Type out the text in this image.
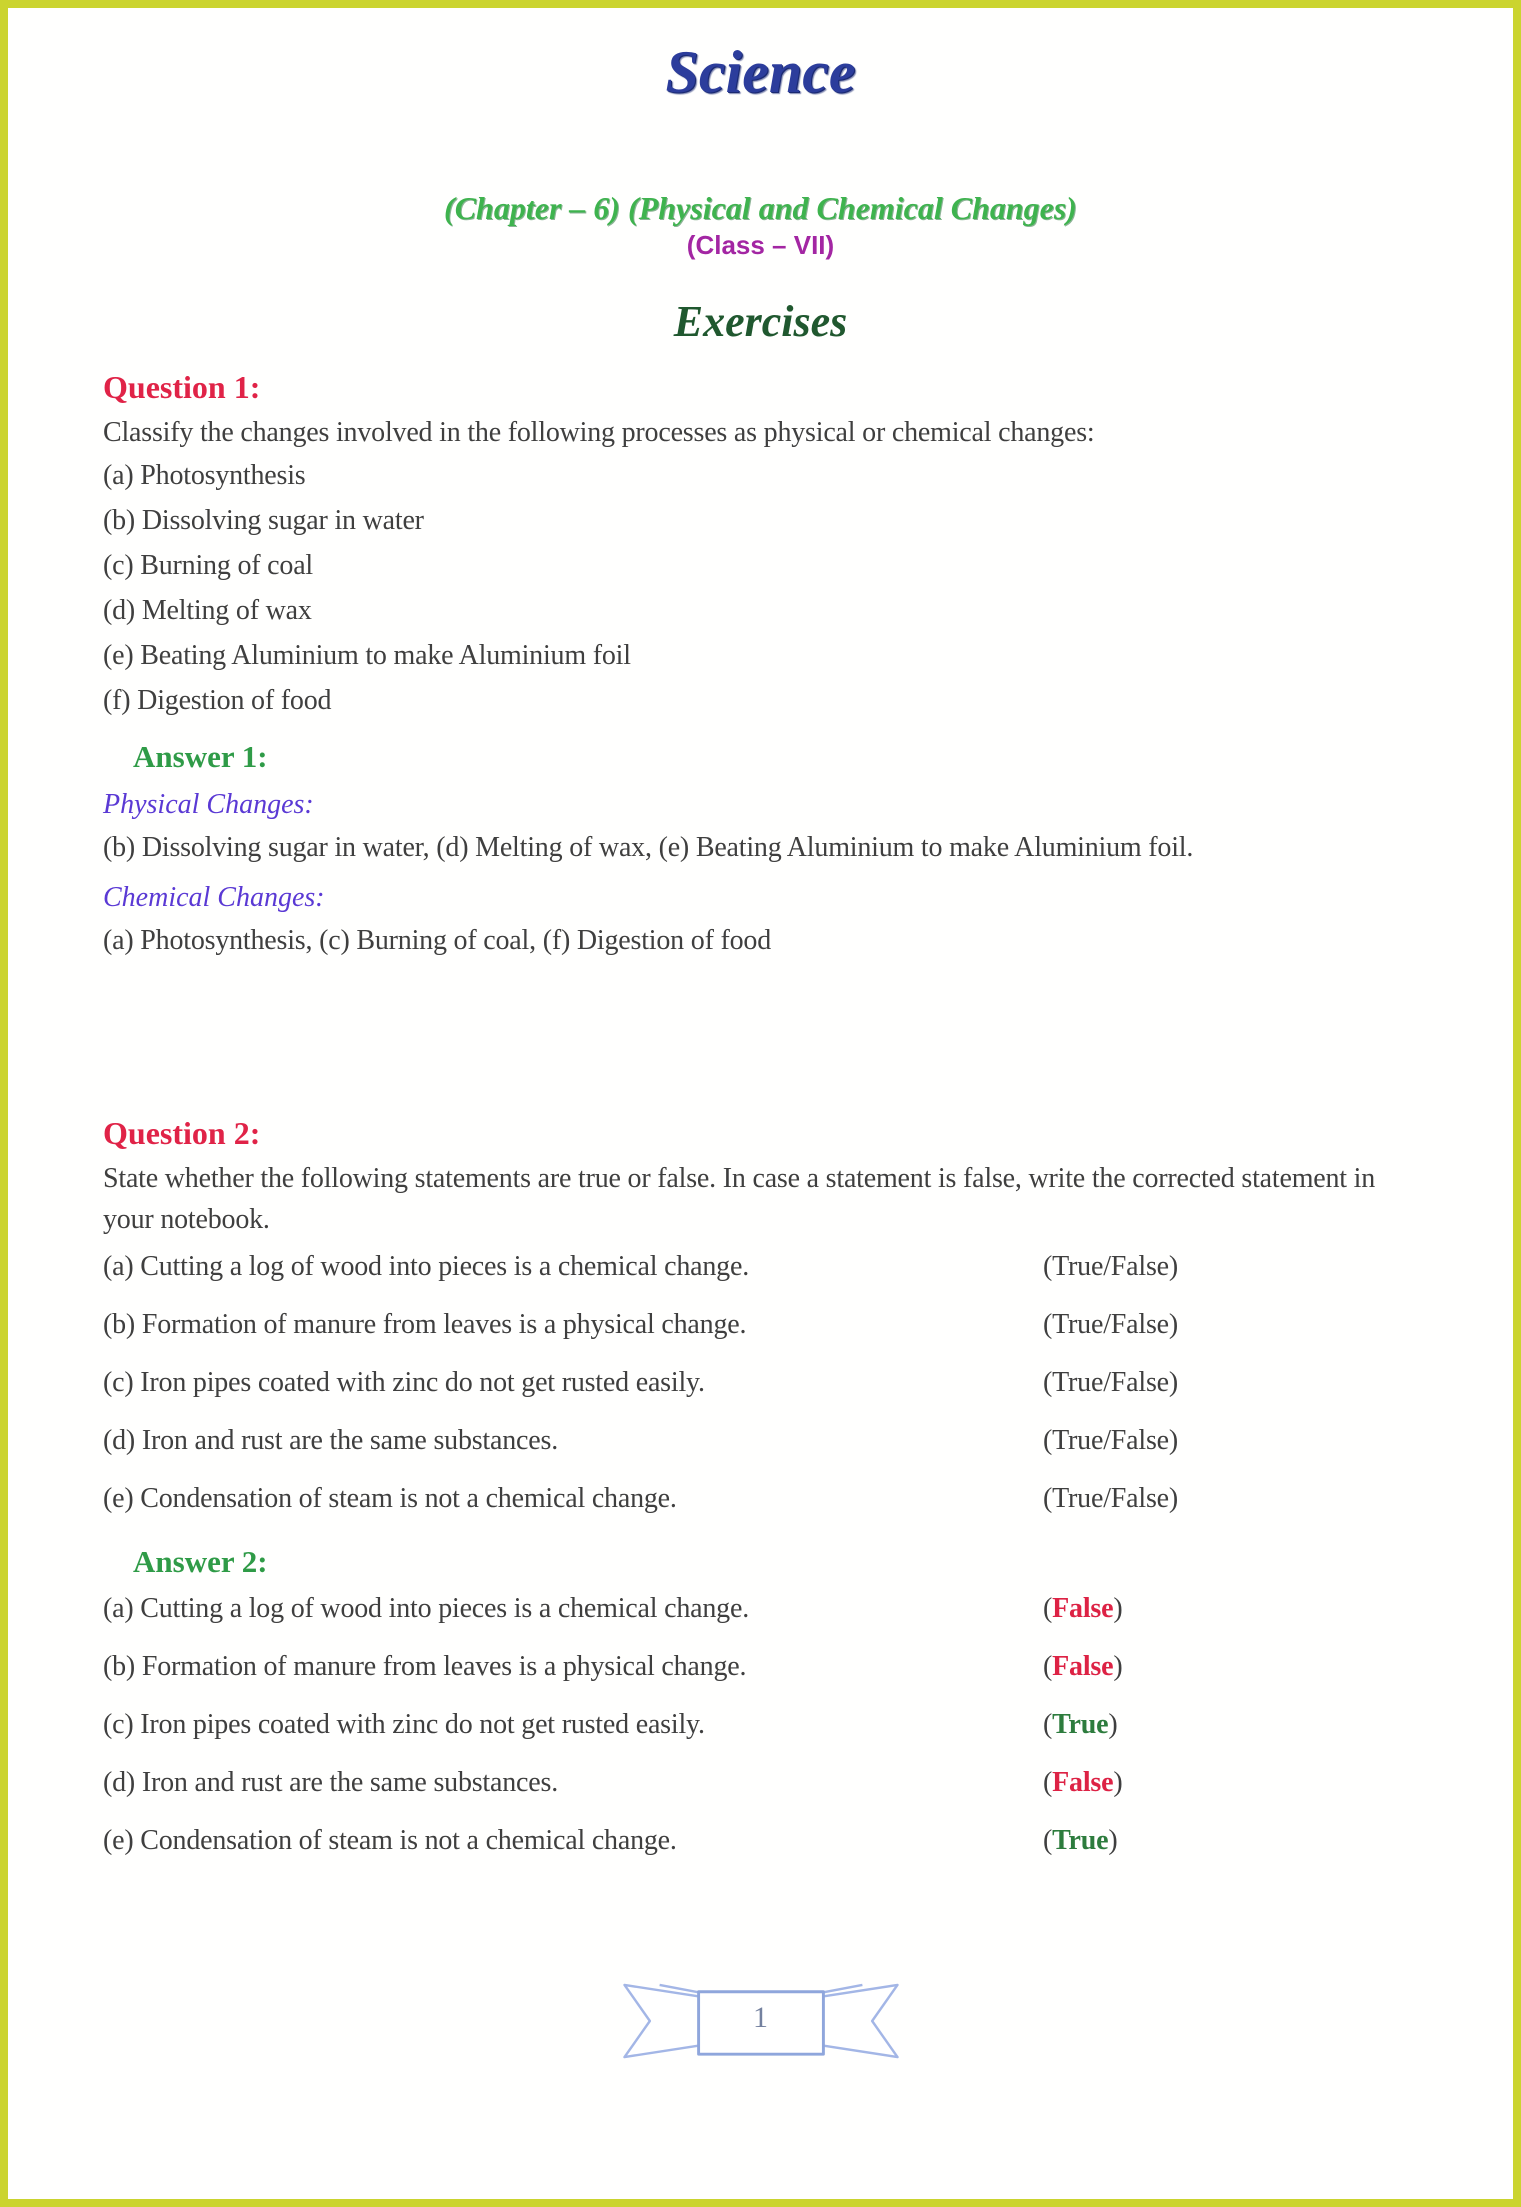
Science
(Chapter – 6) (Physical and Chemical Changes)
(Class – VII)
Exercises
Question 1:
Classify the changes involved in the following processes as physical or chemical changes:
(a) Photosynthesis
(b) Dissolving sugar in water
(c) Burning of coal
(d) Melting of wax
(e) Beating Aluminium to make Aluminium foil
(f) Digestion of food
Answer 1:
Physical Changes:
(b) Dissolving sugar in water, (d) Melting of wax, (e) Beating Aluminium to make Aluminium foil.
Chemical Changes:
(a) Photosynthesis, (c) Burning of coal, (f) Digestion of food
Question 2:
State whether the following statements are true or false. In case a statement is false, write the corrected statement in your notebook.
(a) Cutting a log of wood into pieces is a chemical change.	(True/False)
(b) Formation of manure from leaves is a physical change.	(True/False)
(c) Iron pipes coated with zinc do not get rusted easily.	(True/False)
(d) Iron and rust are the same substances.	(True/False)
(e) Condensation of steam is not a chemical change.	(True/False)
Answer 2:
(a) Cutting a log of wood into pieces is a chemical change.	(False)
(b) Formation of manure from leaves is a physical change.	(False)
(c) Iron pipes coated with zinc do not get rusted easily.	(True)
(d) Iron and rust are the same substances.	(False)
(e) Condensation of steam is not a chemical change.	(True)
1
